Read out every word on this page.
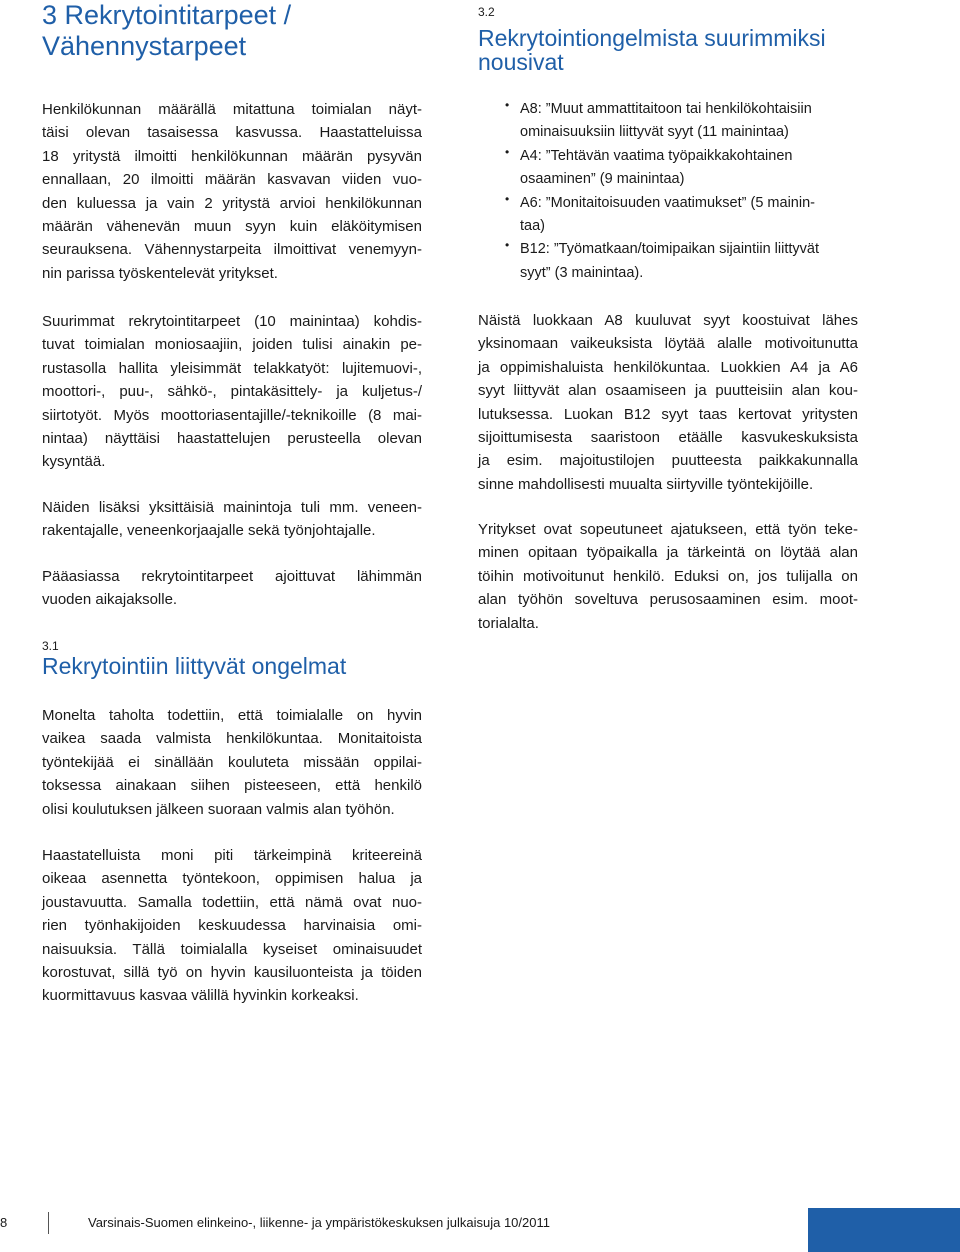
3 Rekrytointitarpeet /
Vähennystarpeet
Henkilökunnan määrällä mitattuna toimialan näyt-
täisi olevan tasaisessa kasvussa. Haastatteluissa
18 yritystä ilmoitti henkilökunnan määrän pysyvän
ennallaan, 20 ilmoitti määrän kasvavan viiden vuo-
den kuluessa ja vain 2 yritystä arvioi henkilökunnan
määrän vähenevän muun syyn kuin eläköitymisen
seurauksena. Vähennystarpeita ilmoittivat venemyyn-
nin parissa työskentelevät yritykset.
Suurimmat rekrytointitarpeet (10 mainintaa) kohdis-
tuvat toimialan moniosaajiin, joiden tulisi ainakin pe-
rustasolla hallita yleisimmät telakkatyöt: lujitemuovi-,
moottori-, puu-, sähkö-, pintakäsittely- ja kuljetus-/
siirtotyöt. Myös moottoriasentajille/-teknikoille (8 mai-
nintaa) näyttäisi haastattelujen perusteella olevan
kysyntää.
Näiden lisäksi yksittäisiä mainintoja tuli mm. veneen-
rakentajalle, veneenkorjaajalle sekä työnjohtajalle.
Pääasiassa rekrytointitarpeet ajoittuvat lähimmän
vuoden aikajaksolle.
3.1
Rekrytointiin liittyvät ongelmat
Monelta taholta todettiin, että toimialalle on hyvin
vaikea saada valmista henkilökuntaa. Monitaitoista
työntekijää ei sinällään kouluteta missään oppilai-
toksessa ainakaan siihen pisteeseen, että henkilö
olisi koulutuksen jälkeen suoraan valmis alan työhön.
Haastatelluista moni piti tärkeimpinä kriteereinä
oikeaa asennetta työntekoon, oppimisen halua ja
joustavuutta. Samalla todettiin, että nämä ovat nuo-
rien työnhakijoiden keskuudessa harvinaisia omi-
naisuuksia. Tällä toimialalla kyseiset ominaisuudet
korostuvat, sillä työ on hyvin kausiluonteista ja töiden
kuormittavuus kasvaa välillä hyvinkin korkeaksi.
3.2
Rekrytointiongelmista suurimmiksi
nousivat
• A8: ”Muut ammattitaitoon tai henkilökohtaisiin
ominaisuuksiin liittyvät syyt (11 mainintaa)
• A4: ”Tehtävän vaatima työpaikkakohtainen
osaaminen” (9 mainintaa)
• A6: ”Monitaitoisuuden vaatimukset” (5 mainin-
taa)
• B12: ”Työmatkaan/toimipaikan sijaintiin liittyvät
syyt” (3 mainintaa).
Näistä luokkaan A8 kuuluvat syyt koostuivat lähes
yksinomaan vaikeuksista löytää alalle motivoitunutta
ja oppimishaluista henkilökuntaa. Luokkien A4 ja A6
syyt liittyvät alan osaamiseen ja puutteisiin alan kou-
lutuksessa. Luokan B12 syyt taas kertovat yritysten
sijoittumisesta saaristoon etäälle kasvukeskuksista
ja esim. majoitustilojen puutteesta paikkakunnalla
sinne mahdollisesti muualta siirtyville työntekijöille.
Yritykset ovat sopeutuneet ajatukseen, että työn teke-
minen opitaan työpaikalla ja tärkeintä on löytää alan
töihin motivoitunut henkilö. Eduksi on, jos tulijalla on
alan työhön soveltuva perusosaaminen esim. moot-
torialalta.
8	Varsinais-Suomen elinkeino-, liikenne- ja ympäristökeskuksen julkaisuja 10/2011
